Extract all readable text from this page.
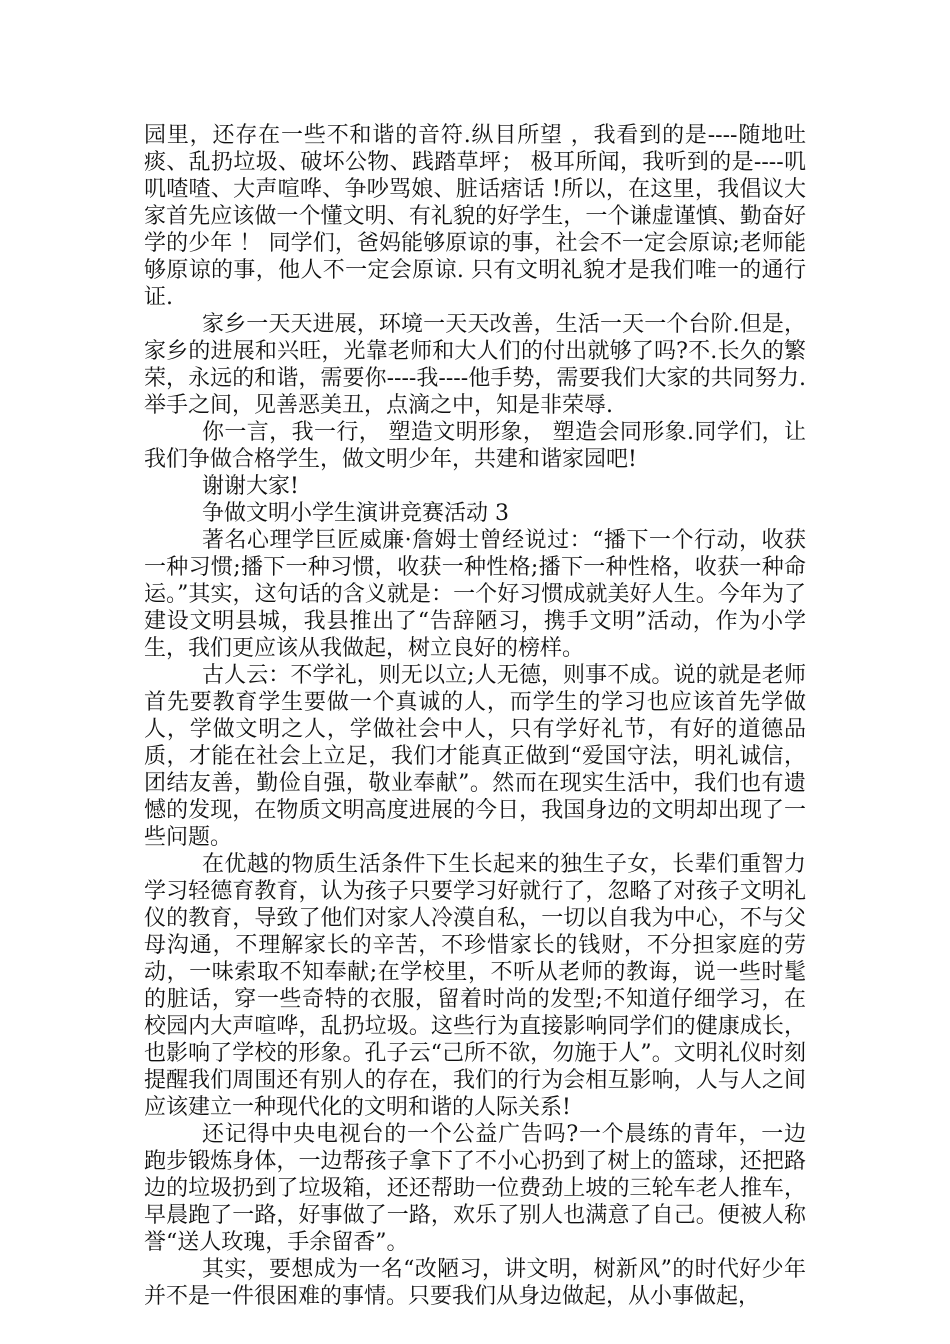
园里，还存在一些不和谐的音符.纵目所望 ，我看到的是----随地吐痰、乱扔垃圾、破坏公物、践踏草坪； 极耳所闻，我听到的是----叽叽喳喳、大声喧哗、争吵骂娘、脏话痞话 !所以，在这里，我倡议大家首先应该做一个懂文明、有礼貌的好学生，一个谦虚谨慎、勤奋好学的少年 ！ 同学们，爸妈能够原谅的事，社会不一定会原谅;老师能够原谅的事，他人不一定会原谅. 只有文明礼貌才是我们唯一的通行证.

家乡一天天进展，环境一天天改善，生活一天一个台阶.但是，家乡的进展和兴旺，光靠老师和大人们的付出就够了吗?不.长久的繁荣，永远的和谐，需要你----我----他手势，需要我们大家的共同努力.举手之间，见善恶美丑，点滴之中，知是非荣辱.

你一言，我一行， 塑造文明形象， 塑造会同形象.同学们，让我们争做合格学生，做文明少年，共建和谐家园吧!

谢谢大家!

争做文明小学生演讲竞赛活动 3

著名心理学巨匠威廉·詹姆士曾经说过：“播下一个行动，收获一种习惯;播下一种习惯，收获一种性格;播下一种性格，收获一种命运。”其实，这句话的含义就是：一个好习惯成就美好人生。今年为了建设文明县城，我县推出了“告辞陋习，携手文明”活动，作为小学生，我们更应该从我做起，树立良好的榜样。

古人云：不学礼，则无以立;人无德，则事不成。说的就是老师首先要教育学生要做一个真诚的人，而学生的学习也应该首先学做人，学做文明之人，学做社会中人，只有学好礼节，有好的道德品质，才能在社会上立足，我们才能真正做到“爱国守法，明礼诚信，团结友善，勤俭自强，敬业奉献”。然而在现实生活中，我们也有遗憾的发现，在物质文明高度进展的今日，我国身边的文明却出现了一些问题。

在优越的物质生活条件下生长起来的独生子女，长辈们重智力学习轻德育教育，认为孩子只要学习好就行了，忽略了对孩子文明礼仪的教育，导致了他们对家人冷漠自私，一切以自我为中心，不与父母沟通，不理解家长的辛苦，不珍惜家长的钱财，不分担家庭的劳动，一味索取不知奉献;在学校里，不听从老师的教诲，说一些时髦的脏话，穿一些奇特的衣服，留着时尚的发型;不知道仔细学习，在校园内大声喧哗，乱扔垃圾。这些行为直接影响同学们的健康成长，也影响了学校的形象。孔子云“己所不欲，勿施于人”。文明礼仪时刻提醒我们周围还有别人的存在，我们的行为会相互影响，人与人之间应该建立一种现代化的文明和谐的人际关系!

还记得中央电视台的一个公益广告吗?一个晨练的青年，一边跑步锻炼身体，一边帮孩子拿下了不小心扔到了树上的篮球，还把路边的垃圾扔到了垃圾箱，还还帮助一位费劲上坡的三轮车老人推车，早晨跑了一路，好事做了一路，欢乐了别人也满意了自己。便被人称誉“送人玫瑰，手余留香”。

其实，要想成为一名“改陋习，讲文明，树新风”的时代好少年并不是一件很困难的事情。只要我们从身边做起，从小事做起，
